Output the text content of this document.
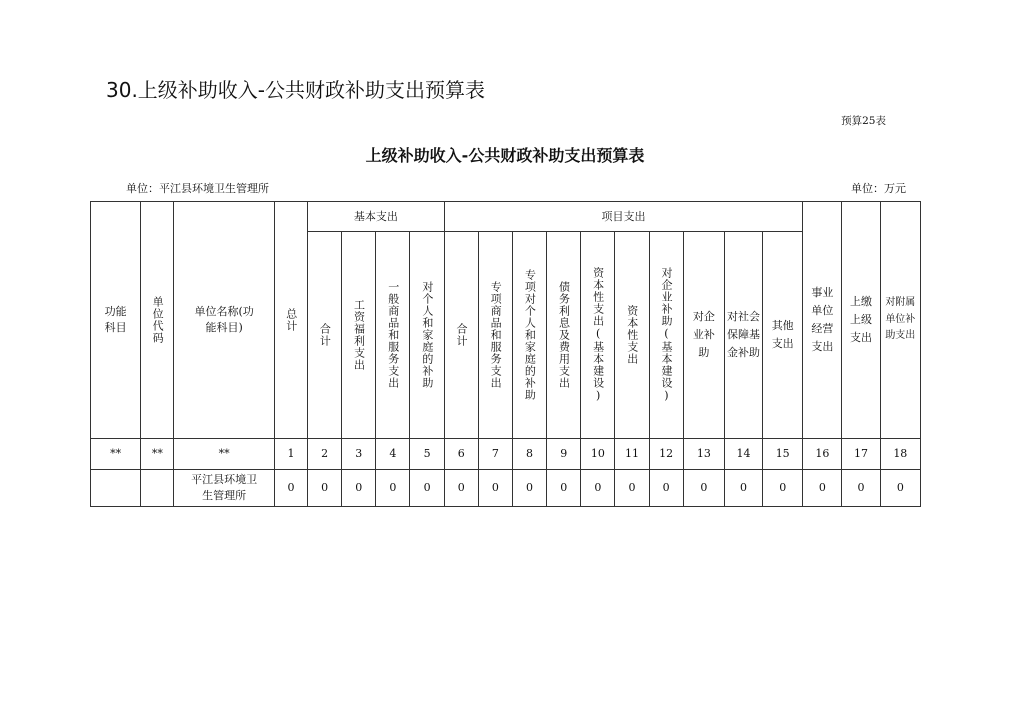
30.上级补助收入-公共财政补助支出预算表
预算25表
上级补助收入-公共财政补助支出预算表
单位：平江县环境卫生管理所	单位：万元
功能科目	单位代码	单位名称(功能科目)	总计	基本支出				项目支出										事业单位经营支出	上缴上级支出	对附属单位补助支出

				合计	工资福利支出	一般商品和服务支出	对个人和家庭的补助	合计	专项商品和服务支出	专项对个人和家庭的补助	债务利息及费用支出	资本性支出(基本建设)	资本性支出	对企业补助(基本建设)	对企业补助	对社会保障基金补助	其他支出			
**	**	**	1	2	3	4	5	6	7	8	9	10	11	12	13	14	15	16	17	18
		平江县环境卫生管理所	0	0	0	0	0	0	0	0	0	0	0	0	0	0	0	0	0	0
